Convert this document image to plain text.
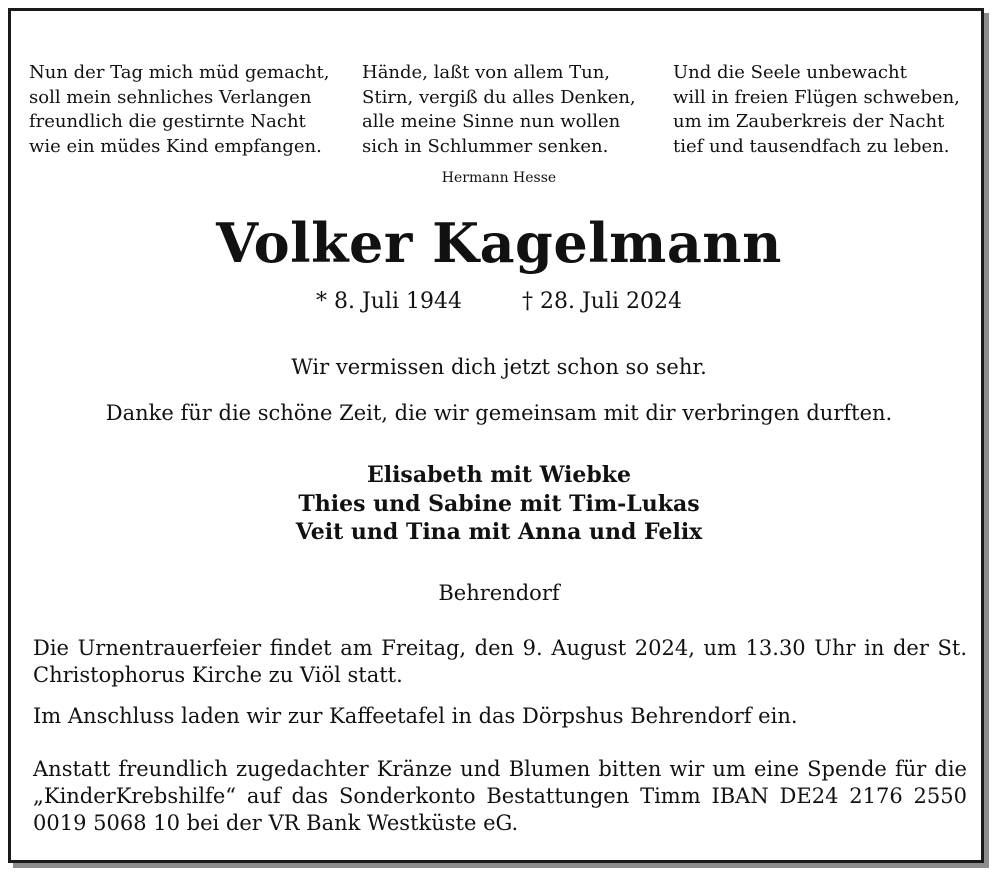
Nun der Tag mich müd gemacht,
soll mein sehnliches Verlangen
freundlich die gestirnte Nacht
wie ein müdes Kind empfangen.
Hände, laßt von allem Tun,
Stirn, vergiß du alles Denken,
alle meine Sinne nun wollen
sich in Schlummer senken.
Und die Seele unbewacht
will in freien Flügen schweben,
um im Zauberkreis der Nacht
tief und tausendfach zu leben.
Hermann Hesse
Volker Kagelmann
* 8. Juli 1944	† 28. Juli 2024
Wir vermissen dich jetzt schon so sehr.
Danke für die schöne Zeit, die wir gemeinsam mit dir verbringen durften.
Elisabeth mit Wiebke
Thies und Sabine mit Tim-Lukas
Veit und Tina mit Anna und Felix
Behrendorf
Die Urnentrauerfeier findet am Freitag, den 9. August 2024, um 13.30 Uhr in der St. Christophorus Kirche zu Viöl statt.
Im Anschluss laden wir zur Kaffeetafel in das Dörpshus Behrendorf ein.
Anstatt freundlich zugedachter Kränze und Blumen bitten wir um eine Spende für die „KinderKrebshilfe“ auf das Sonderkonto Bestattungen Timm IBAN DE24 2176 2550 0019 5068 10 bei der VR Bank Westküste eG.
